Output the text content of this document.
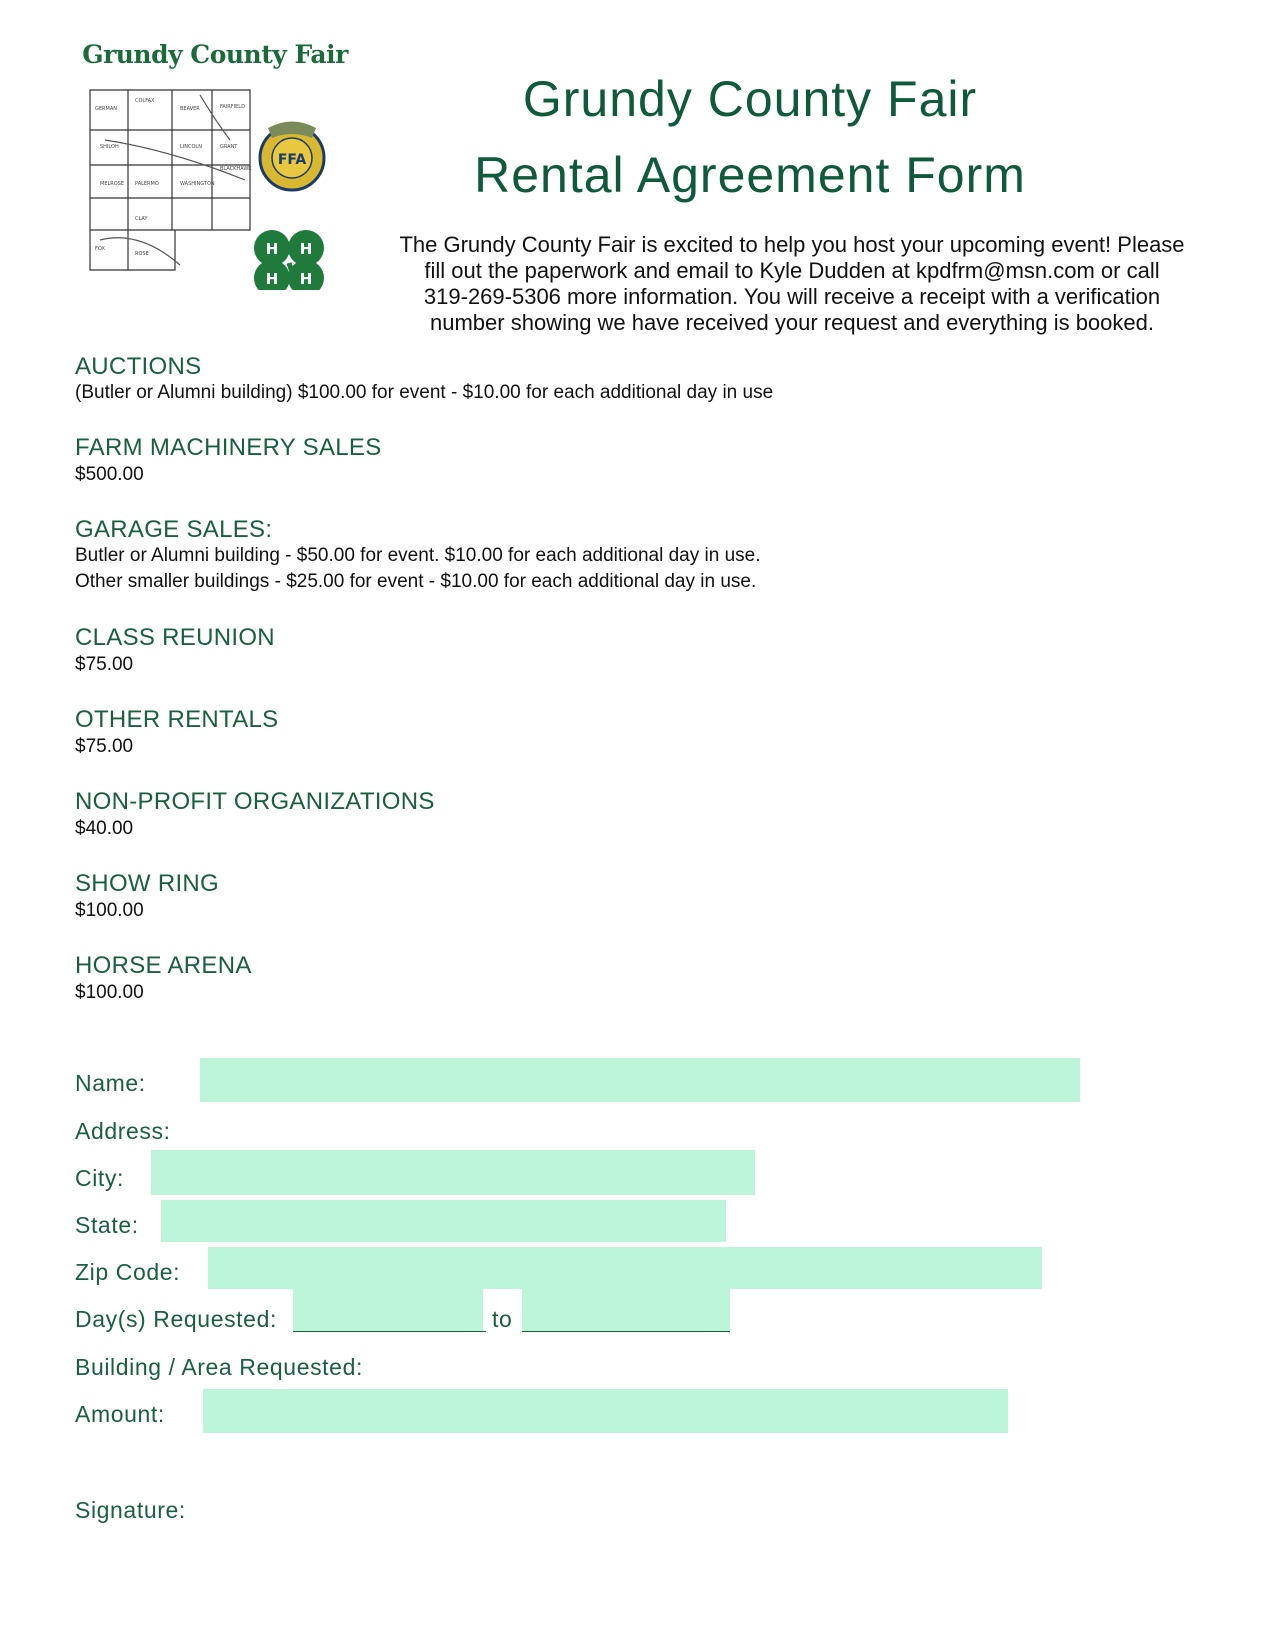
Grundy County Fair
GERMAN
COLFAX
BEAVER	FAIRFIELD
SHILOH	LINCOLN	GRANT
MELROSE PALERMO	WASHINGTON
BLACKHAWK
CLAY
FOX
ROSE
FFA
H H
H H
Grundy County Fair
Rental Agreement Form
The Grundy County Fair is excited to help you host your upcoming event! Please
fill out the paperwork and email to Kyle Dudden at kpdfrm@msn.com or call
319-269-5306 more information. You will receive a receipt with a verification
number showing we have received your request and everything is booked.
AUCTIONS
(Butler or Alumni building) $100.00 for event - $10.00 for each additional day in use
FARM MACHINERY SALES
$500.00
GARAGE SALES:
Butler or Alumni building - $50.00 for event. $10.00 for each additional day in use.
Other smaller buildings - $25.00 for event - $10.00 for each additional day in use.
CLASS REUNION
$75.00
OTHER RENTALS
$75.00
NON-PROFIT ORGANIZATIONS
$40.00
SHOW RING
$100.00
HORSE ARENA
$100.00
Name:
Address:
City:
State:
Zip Code:
Day(s) Requested:	to
Building / Area Requested:
Amount:
Signature:
